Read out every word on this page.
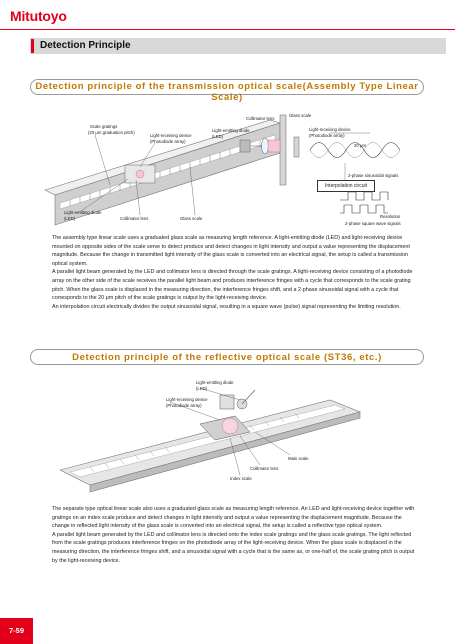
Mitutoyo
Detection Principle
Detection principle of the transmission optical scale(Assembly Type Linear Scale)
Scale gratings
(20 μm graduation pitch)
Light-receiving device
(Photodiode array)
Light-emitting diode
(LED)
Collimator lens
Glass scale
Light-receiving device
(Photodiode array)
20 μm
2-phase sinusoidal signals
Interpolation circuit
Light-emitting diode
(LED)	Collimator lens	Glass scale	Resolution
2-phase square wave signals

The assembly type linear scale uses a graduated glass scale as measuring length reference. A light-emitting diode (LED) and light-receiving device mounted on opposite sides of the scale serve to detect produce and detect changes in light intensity and output a value representing the displacement magnitude. Because the change in transmitted light intensity of the glass scale is converted into an electrical signal, the setup is called a transmission optical system.

A parallel light beam generated by the LED and collimator lens is directed through the scale gratings. A light-receiving device consisting of a photodiode array on the other side of the scale receives the parallel light beam and produces interference fringes with a cycle that corresponds to the scale grating pitch. When the glass scale is displaced in the measuring direction, the interference fringes shift, and a 2-phase sinusoidal signal with a cycle that corresponds to the 20 μm pitch of the scale gratings is output by the light-receiving device.

An interpolation circuit electrically divides the output sinusoidal signal, resulting in a square wave (pulse) signal representing the limiting resolution.

Detection principle of the reflective optical scale (ST36, etc.)
Light-emitting diode
(LED)
Light-receiving device
(Photodiode array)
Main scale
Collimator lens
Index scale

The separate type optical linear scale also uses a graduated glass scale as measuring length reference. An LED and light-receiving device together with gratings on an index scale produce and detect changes in light intensity and output a value representing the displacement magnitude. Because the change in reflected light intensity of the glass scale is converted into an electrical signal, the setup is called a reflective type optical system.

A parallel light beam generated by the LED and collimator lens is directed onto the index scale gratings and the glass scale gratings. The light reflected from the scale gratings produces interference fringes on the photodiode array of the light-receiving device. When the glass scale is displaced in the measuring direction, the interference fringes shift, and a sinusoidal signal with a cycle that is the same as, or one-half of, the scale grating pitch is output by the light-receiving device.

7-59
